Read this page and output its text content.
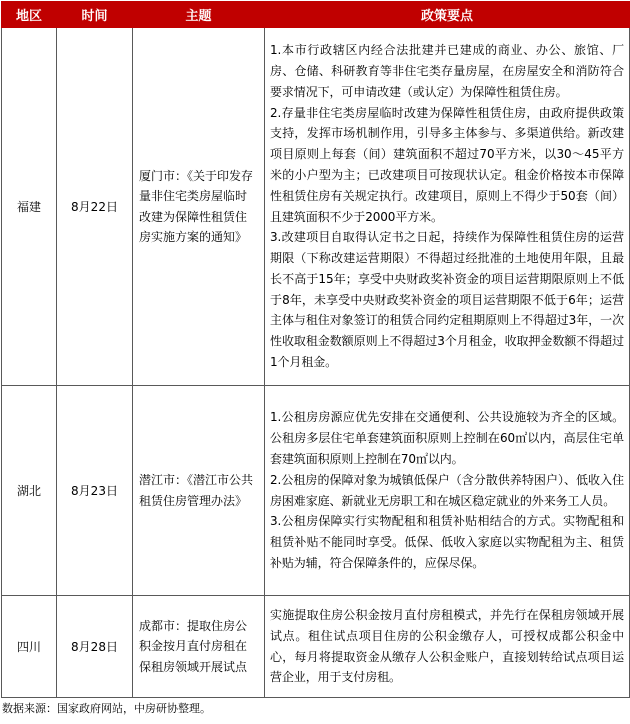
地区	时间	主题	政策要点
福建	8月22日	厦门市：《关于印发存量非住宅类房屋临时改建为保障性租赁住房实施方案的通知》	1.本市行政辖区内经合法批建并已建成的商业、办公、旅馆、厂房、仓储、科研教育等非住宅类存量房屋，在房屋安全和消防符合要求情况下，可申请改建（或认定）为保障性租赁住房。

2.存量非住宅类房屋临时改建为保障性租赁住房，由政府提供政策支持，发挥市场机制作用，引导多主体参与、多渠道供给。新改建项目原则上每套（间）建筑面积不超过70平方米，以30～45平方米的小户型为主；已改建项目可按现状认定。租金价格按本市保障性租赁住房有关规定执行。改建项目，原则上不得少于50套（间）且建筑面积不少于2000平方米。

3.改建项目自取得认定书之日起，持续作为保障性租赁住房的运营期限（下称改建运营期限）不得超过经批准的土地使用年限，且最长不高于15年；享受中央财政奖补资金的项目运营期限原则上不低于8年，未享受中央财政奖补资金的项目运营期限不低于6年；运营主体与租住对象签订的租赁合同约定租期原则上不得超过3年，一次性收取租金数额原则上不得超过3个月租金，收取押金数额不得超过1个月租金。

湖北	8月23日	潜江市：《潜江市公共租赁住房管理办法》	1.公租房房源应优先安排在交通便利、公共设施较为齐全的区域。公租房多层住宅单套建筑面积原则上控制在60㎡以内，高层住宅单套建筑面积原则上控制在70㎡以内。

2.公租房的保障对象为城镇低保户（含分散供养特困户）、低收入住房困难家庭、新就业无房职工和在城区稳定就业的外来务工人员。

3.公租房保障实行实物配租和租赁补贴相结合的方式。实物配租和租赁补贴不能同时享受。低保、低收入家庭以实物配租为主、租赁补贴为辅，符合保障条件的，应保尽保。

四川	8月28日	成都市：提取住房公积金按月直付房租在保租房领域开展试点	实施提取住房公积金按月直付房租模式，并先行在保租房领域开展试点。租住试点项目住房的公积金缴存人，可授权成都公积金中心，每月将提取资金从缴存人公积金账户，直接划转给试点项目运营企业，用于支付房租。

数据来源：国家政府网站，中房研协整理。
